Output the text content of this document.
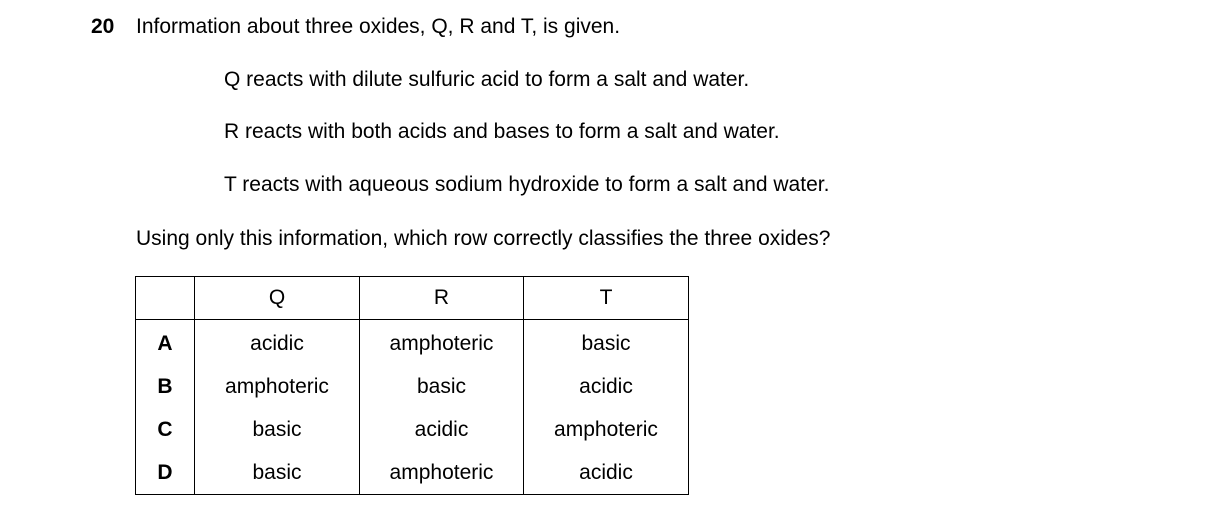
20 Information about three oxides, Q, R and T, is given.
Q reacts with dilute sulfuric acid to form a salt and water.
R reacts with both acids and bases to form a salt and water.
T reacts with aqueous sodium hydroxide to form a salt and water.
Using only this information, which row correctly classifies the three oxides?
	Q	R	T
A	acidic	amphoteric	basic
B	amphoteric	basic	acidic
C	basic	acidic	amphoteric
D	basic	amphoteric	acidic
